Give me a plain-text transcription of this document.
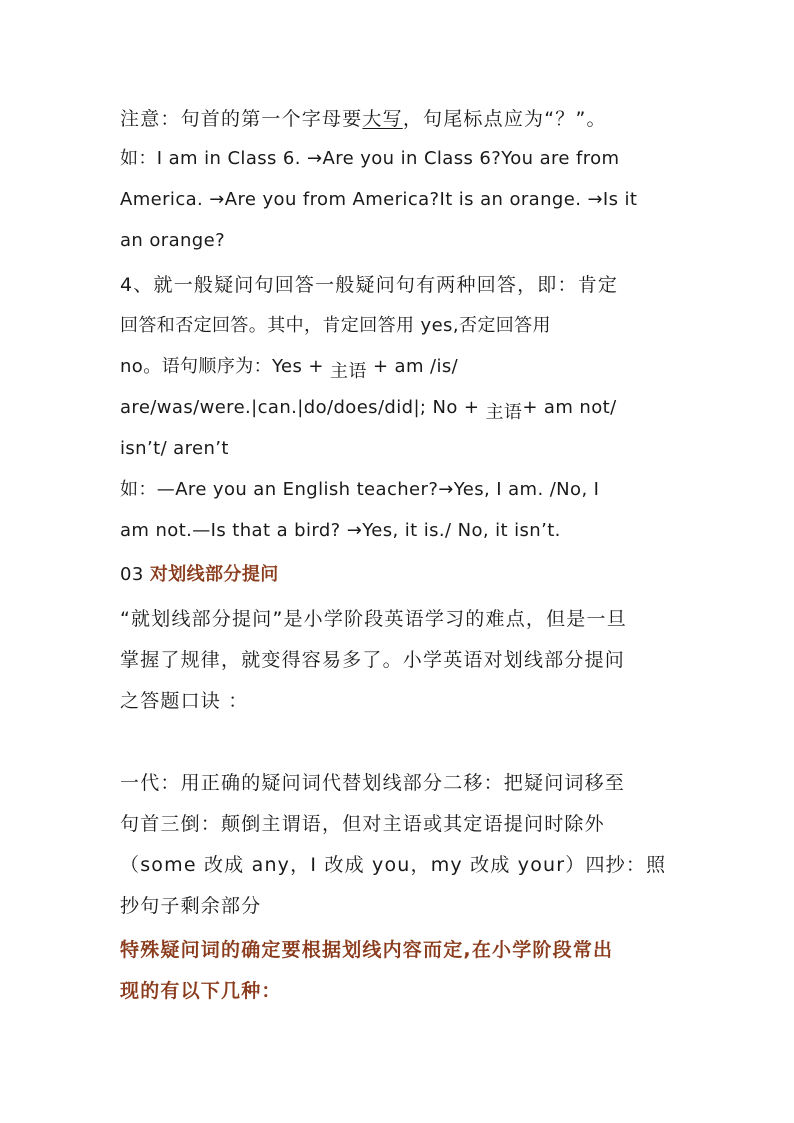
注意：句首的第一个字母要大写，句尾标点应为“？”。
如：I am in Class 6. →Are you in Class 6?You are from
America. →Are you from America?It is an orange. →Is it
an orange?
4、就一般疑问句回答一般疑问句有两种回答，即：肯定
回答和否定回答。其中，肯定回答用 yes,否定回答用
no。语句顺序为：Yes + 主语 + am /is/
are/was/were.|can.|do/does/did|; No + 主语+ am not/
isn’t/ aren’t
如：—Are you an English teacher?→Yes, I am. /No, I
am not.—Is that a bird? →Yes, it is./ No, it isn’t.
03 对划线部分提问
“就划线部分提问”是小学阶段英语学习的难点，但是一旦
掌握了规律，就变得容易多了。小学英语对划线部分提问
之答题口诀 ：
一代：用正确的疑问词代替划线部分二移：把疑问词移至
句首三倒：颠倒主谓语，但对主语或其定语提问时除外
（some 改成 any，I 改成 you，my 改成 your）四抄：照
抄句子剩余部分
特殊疑问词的确定要根据划线内容而定,在小学阶段常出
现的有以下几种：
